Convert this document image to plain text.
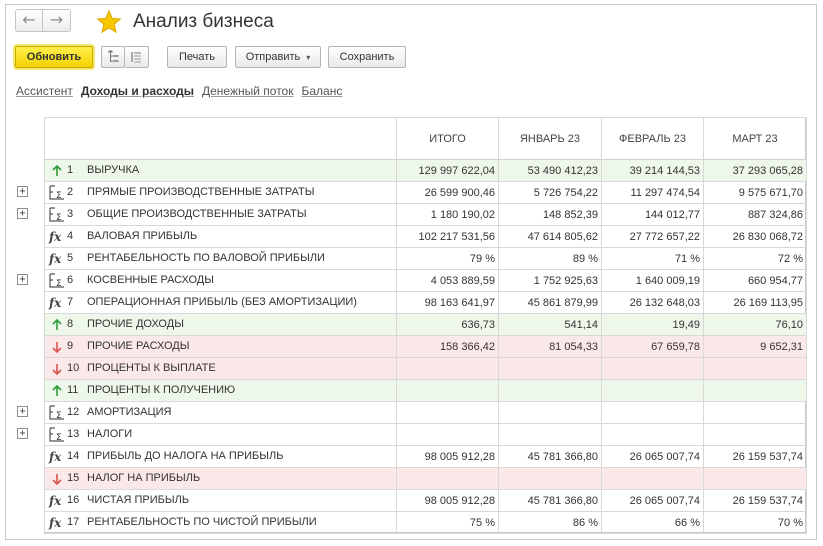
← →	Анализ бизнеса
Обновить	Печать	Отправить ▾	Сохранить
Ассистент Доходы и расходы Денежный поток Баланс
+
+
+
+
+
	ИТОГО	ЯНВАРЬ 23	ФЕВРАЛЬ 23	МАРТ 23
1 ВЫРУЧКА	129 997 622,04	53 490 412,23	39 214 144,53	37 293 065,28

Σ 2 ПРЯМЫЕ ПРОИЗВОДСТВЕННЫЕ ЗАТРАТЫ	26 599 900,46	5 726 754,22	11 297 474,54	9 575 671,70

Σ 3 ОБЩИЕ ПРОИЗВОДСТВЕННЫЕ ЗАТРАТЫ	1 180 190,02	148 852,39	144 012,77	887 324,86

fx 4 ВАЛОВАЯ ПРИБЫЛЬ	102 217 531,56	47 614 805,62	27 772 657,22	26 830 068,72

fx 5 РЕНТАБЕЛЬНОСТЬ ПО ВАЛОВОЙ ПРИБЫЛИ	79 %	89 %	71 %	72 %

Σ 6 КОСВЕННЫЕ РАСХОДЫ	4 053 889,59	1 752 925,63	1 640 009,19	660 954,77

fx 7 ОПЕРАЦИОННАЯ ПРИБЫЛЬ (БЕЗ АМОРТИЗАЦИИ)	98 163 641,97	45 861 879,99	26 132 648,03	26 169 113,95
8 ПРОЧИЕ ДОХОДЫ	636,73	541,14	19,49	76,10
9 ПРОЧИЕ РАСХОДЫ	158 366,42	81 054,33	67 659,78	9 652,31
10 ПРОЦЕНТЫ К ВЫПЛАТЕ				
11 ПРОЦЕНТЫ К ПОЛУЧЕНИЮ				

Σ 12 АМОРТИЗАЦИЯ				

Σ 13 НАЛОГИ				

fx 14 ПРИБЫЛЬ ДО НАЛОГА НА ПРИБЫЛЬ	98 005 912,28	45 781 366,80	26 065 007,74	26 159 537,74
15 НАЛОГ НА ПРИБЫЛЬ				

fx 16 ЧИСТАЯ ПРИБЫЛЬ	98 005 912,28	45 781 366,80	26 065 007,74	26 159 537,74

fx 17 РЕНТАБЕЛЬНОСТЬ ПО ЧИСТОЙ ПРИБЫЛИ	75 %	86 %	66 %	70 %
